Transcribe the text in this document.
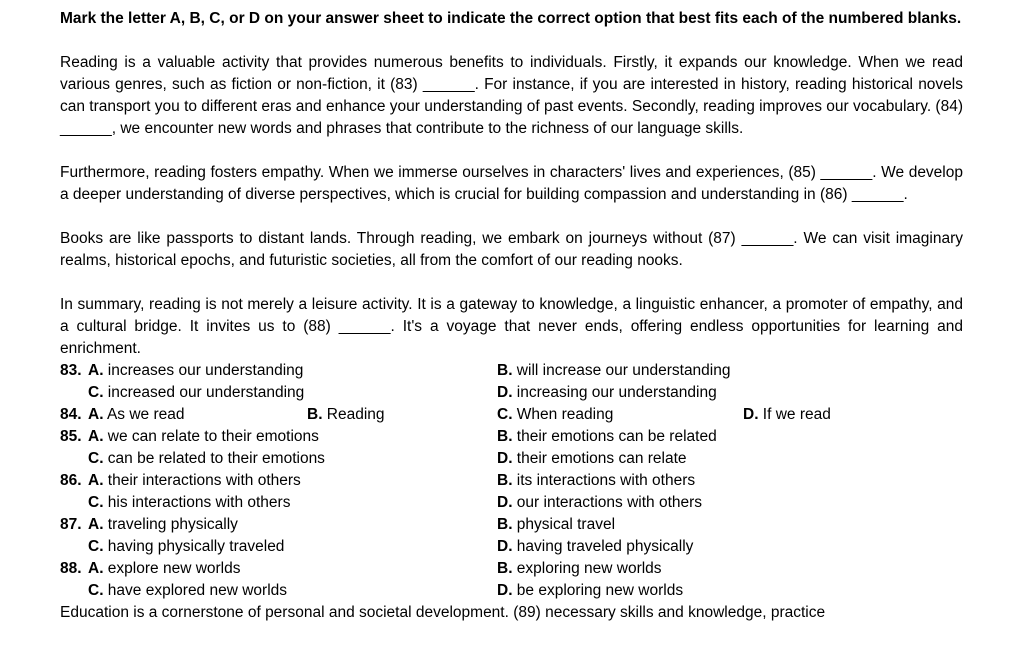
Mark the letter A, B, C, or D on your answer sheet to indicate the correct option that best fits each of the numbered blanks.
Reading is a valuable activity that provides numerous benefits to individuals. Firstly, it expands our knowledge. When we read various genres, such as fiction or non-fiction, it (83) ______. For instance, if you are interested in history, reading historical novels can transport you to different eras and enhance your understanding of past events. Secondly, reading improves our vocabulary. (84) ______, we encounter new words and phrases that contribute to the richness of our language skills.
Furthermore, reading fosters empathy. When we immerse ourselves in characters' lives and experiences, (85) ______. We develop a deeper understanding of diverse perspectives, which is crucial for building compassion and understanding in (86) ______.
Books are like passports to distant lands. Through reading, we embark on journeys without (87) ______. We can visit imaginary realms, historical epochs, and futuristic societies, all from the comfort of our reading nooks.
In summary, reading is not merely a leisure activity. It is a gateway to knowledge, a linguistic enhancer, a promoter of empathy, and a cultural bridge. It invites us to (88) ______. It's a voyage that never ends, offering endless opportunities for learning and enrichment.
83. A. increases our understanding	B. will increase our understanding
C. increased our understanding	D. increasing our understanding
84. A. As we read	B. Reading	C. When reading	D. If we read
85. A. we can relate to their emotions	B. their emotions can be related
C. can be related to their emotions	D. their emotions can relate
86. A. their interactions with others	B. its interactions with others
C. his interactions with others	D. our interactions with others
87. A. traveling physically	B. physical travel
C. having physically traveled	D. having traveled physically
88. A. explore new worlds	B. exploring new worlds
C. have explored new worlds	D. be exploring new worlds
Education is a cornerstone of personal and societal development. (89) necessary skills and knowledge, practice
